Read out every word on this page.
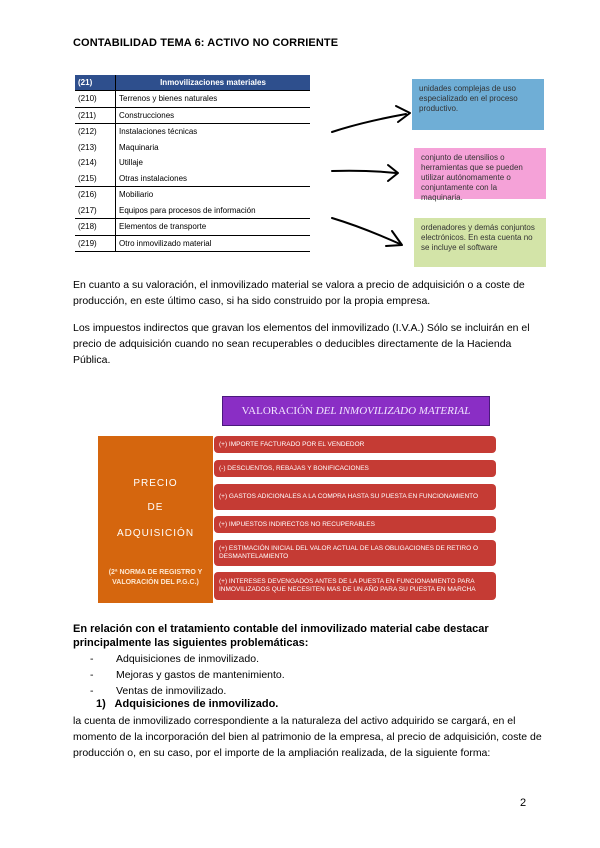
CONTABILIDAD TEMA 6: ACTIVO NO CORRIENTE
(21)	Inmovilizaciones materiales
(210)	Terrenos y bienes naturales
(211)	Construcciones
(212)	Instalaciones técnicas
(213)	Maquinaria
(214)	Utillaje
(215)	Otras instalaciones
(216)	Mobiliario
(217)	Equipos para procesos de información
(218)	Elementos de transporte
(219)	Otro inmovilizado material
unidades complejas de uso especializado en el proceso productivo.
conjunto de utensilios o herramientas que se pueden utilizar autónomamente o conjuntamente con la maquinaria.
ordenadores y demás conjuntos electrónicos. En esta cuenta no se incluye el software
En cuanto a su valoración, el inmovilizado material se valora a precio de adquisición o a coste de producción, en este último caso, si ha sido construido por la propia empresa.
Los impuestos indirectos que gravan los elementos del inmovilizado (I.V.A.) Sólo se incluirán en el precio de adquisición cuando no sean recuperables o deducibles directamente de la Hacienda Pública.
VALORACIÓN DEL INMOVILIZADO MATERIAL
PRECIO
DE
ADQUISICIÓN
(2ª NORMA DE REGISTRO Y VALORACIÓN DEL P.G.C.)
(+) IMPORTE FACTURADO POR EL VENDEDOR
(-) DESCUENTOS, REBAJAS Y BONIFICACIONES
(+) GASTOS ADICIONALES A LA COMPRA HASTA SU PUESTA EN FUNCIONAMIENTO
(+) IMPUESTOS INDIRECTOS NO RECUPERABLES
(+) ESTIMACIÓN INICIAL DEL VALOR ACTUAL DE LAS OBLIGACIONES DE RETIRO O DESMANTELAMIENTO
(+) INTERESES DEVENGADOS ANTES DE LA PUESTA EN FUNCIONAMIENTO PARA INMOVILIZADOS QUE NECESITEN MAS DE UN AÑO PARA SU PUESTA EN MARCHA
En relación con el tratamiento contable del inmovilizado material cabe destacar principalmente las siguientes problemáticas:
- Adquisiciones de inmovilizado.
- Mejoras y gastos de mantenimiento.
- Ventas de inmovilizado.
1)   Adquisiciones de inmovilizado.
la cuenta de inmovilizado correspondiente a la naturaleza del activo adquirido se cargará, en el momento de la incorporación del bien al patrimonio de la empresa, al precio de adquisición, coste de producción o, en su caso, por el importe de la ampliación realizada, de la siguiente forma:
2
